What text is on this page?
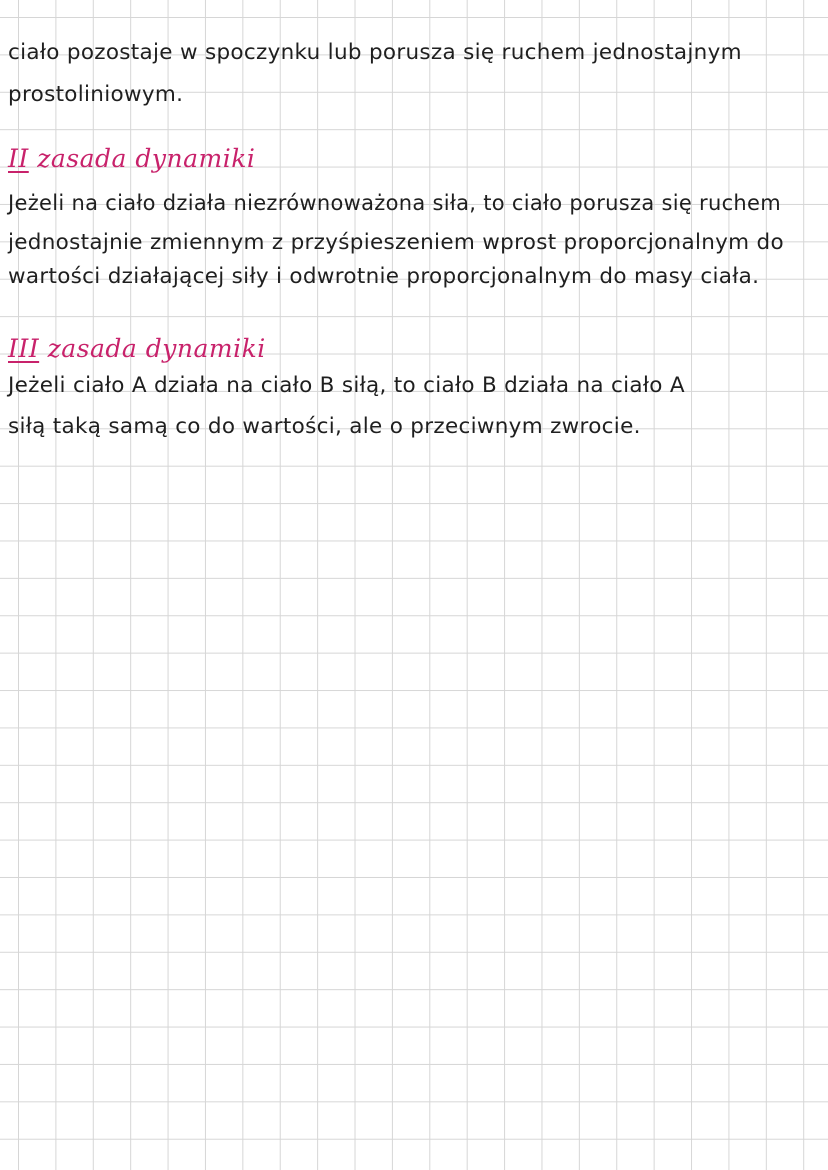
ciało pozostaje w spoczynku lub porusza się ruchem jednostajnym
prostoliniowym.
II zasada dynamiki
Jeżeli na ciało działa niezrównoważona siła, to ciało porusza się ruchem
jednostajnie zmiennym z przyśpieszeniem wprost proporcjonalnym do
wartości działającej siły i odwrotnie proporcjonalnym do masy ciała.
III zasada dynamiki
Jeżeli ciało A działa na ciało B siłą, to ciało B działa na ciało A
siłą taką samą co do wartości, ale o przeciwnym zwrocie.
